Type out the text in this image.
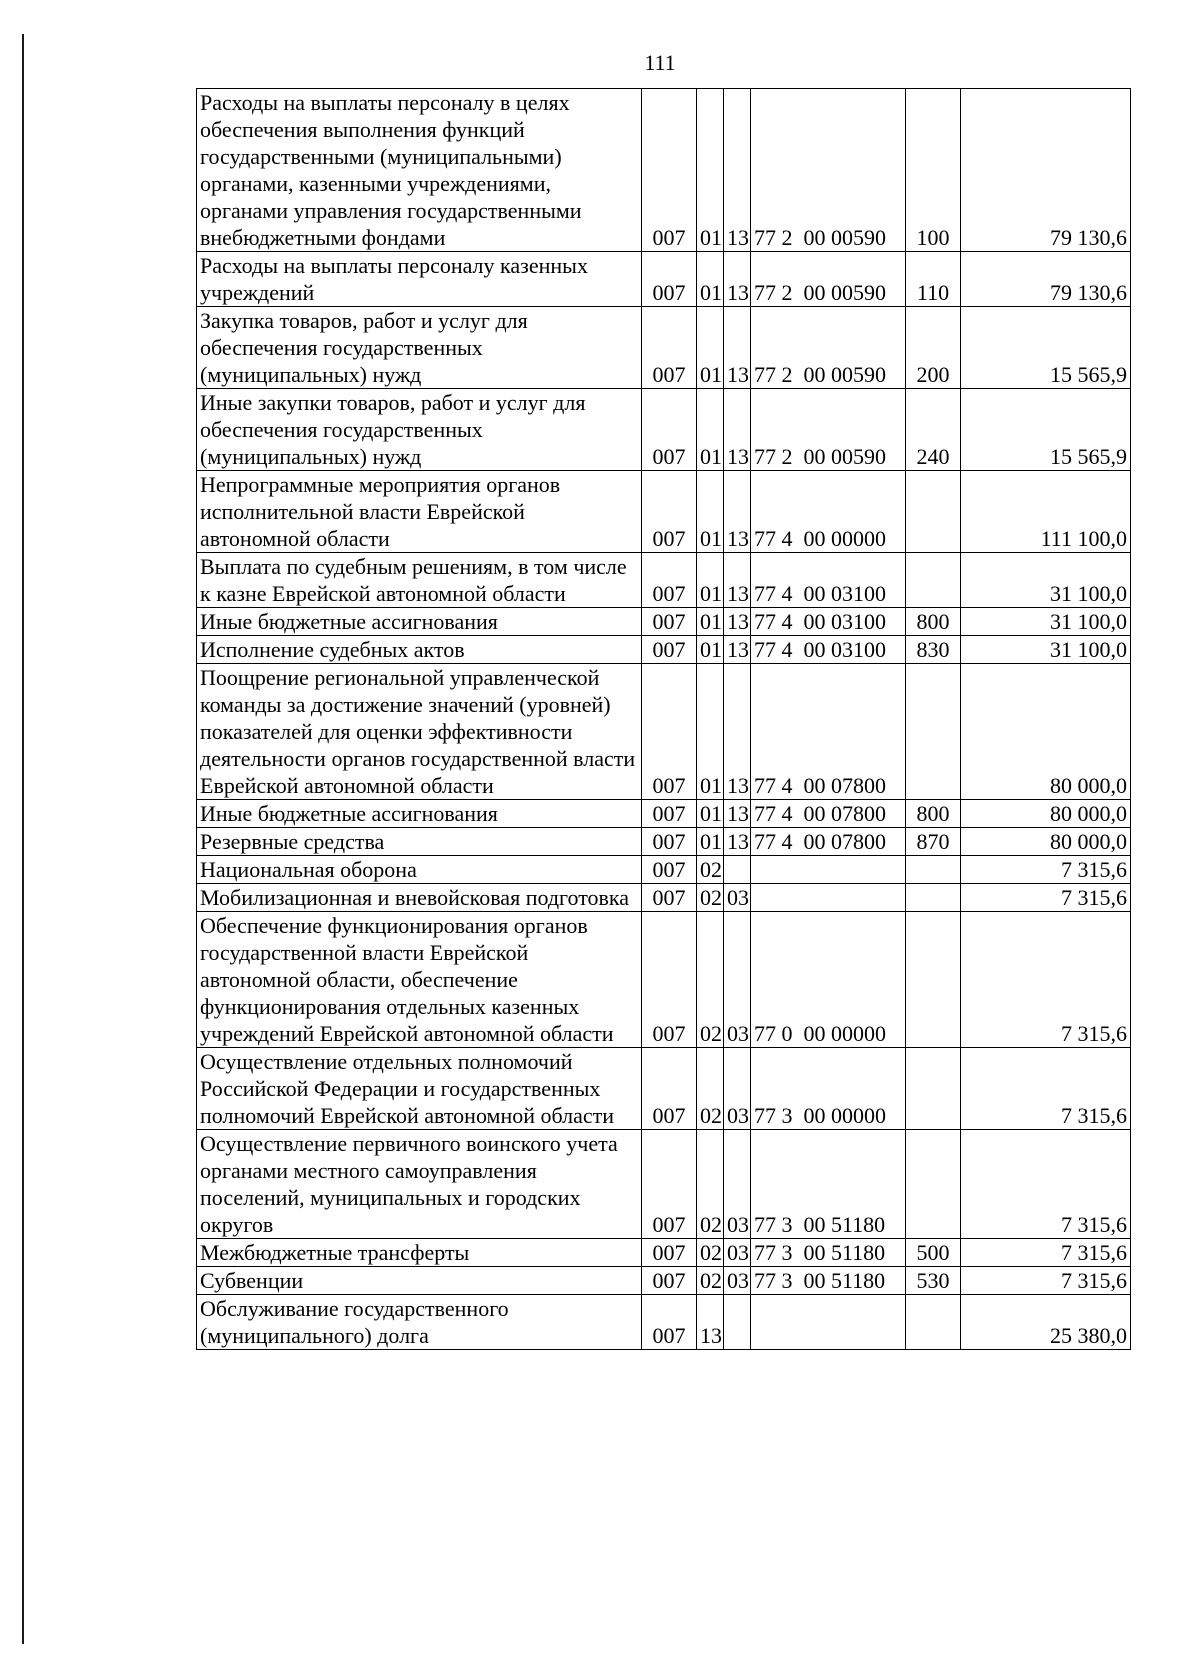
111
Расходы на выплаты персоналу в целях обеспечения выполнения функций государственными (муниципальными) органами, казенными учреждениями, органами управления государственными внебюджетными фондами	007	01	13	77 2  00 00590	100	79 130,6
Расходы на выплаты персоналу казенных учреждений	007	01	13	77 2  00 00590	110	79 130,6
Закупка товаров, работ и услуг для обеспечения государственных (муниципальных) нужд	007	01	13	77 2  00 00590	200	15 565,9
Иные закупки товаров, работ и услуг для обеспечения государственных (муниципальных) нужд	007	01	13	77 2  00 00590	240	15 565,9
Непрограммные мероприятия органов исполнительной власти Еврейской автономной области	007	01	13	77 4  00 00000		111 100,0
Выплата по судебным решениям, в том числе к казне Еврейской автономной области	007	01	13	77 4  00 03100		31 100,0
Иные бюджетные ассигнования	007	01	13	77 4  00 03100	800	31 100,0
Исполнение судебных актов	007	01	13	77 4  00 03100	830	31 100,0
Поощрение региональной управленческой команды за достижение значений (уровней) показателей для оценки эффективности деятельности органов государственной власти Еврейской автономной области	007	01	13	77 4  00 07800		80 000,0
Иные бюджетные ассигнования	007	01	13	77 4  00 07800	800	80 000,0
Резервные средства	007	01	13	77 4  00 07800	870	80 000,0
Национальная оборона	007	02				7 315,6
Мобилизационная и вневойсковая подготовка	007	02	03			7 315,6
Обеспечение функционирования органов государственной власти Еврейской автономной области, обеспечение функционирования отдельных казенных учреждений Еврейской автономной области	007	02	03	77 0  00 00000		7 315,6
Осуществление отдельных полномочий Российской Федерации и государственных полномочий Еврейской автономной области	007	02	03	77 3  00 00000		7 315,6
Осуществление первичного воинского учета органами местного самоуправления поселений, муниципальных и городских округов	007	02	03	77 3  00 51180		7 315,6
Межбюджетные трансферты	007	02	03	77 3  00 51180	500	7 315,6
Субвенции	007	02	03	77 3  00 51180	530	7 315,6
Обслуживание государственного (муниципального) долга	007	13				25 380,0
